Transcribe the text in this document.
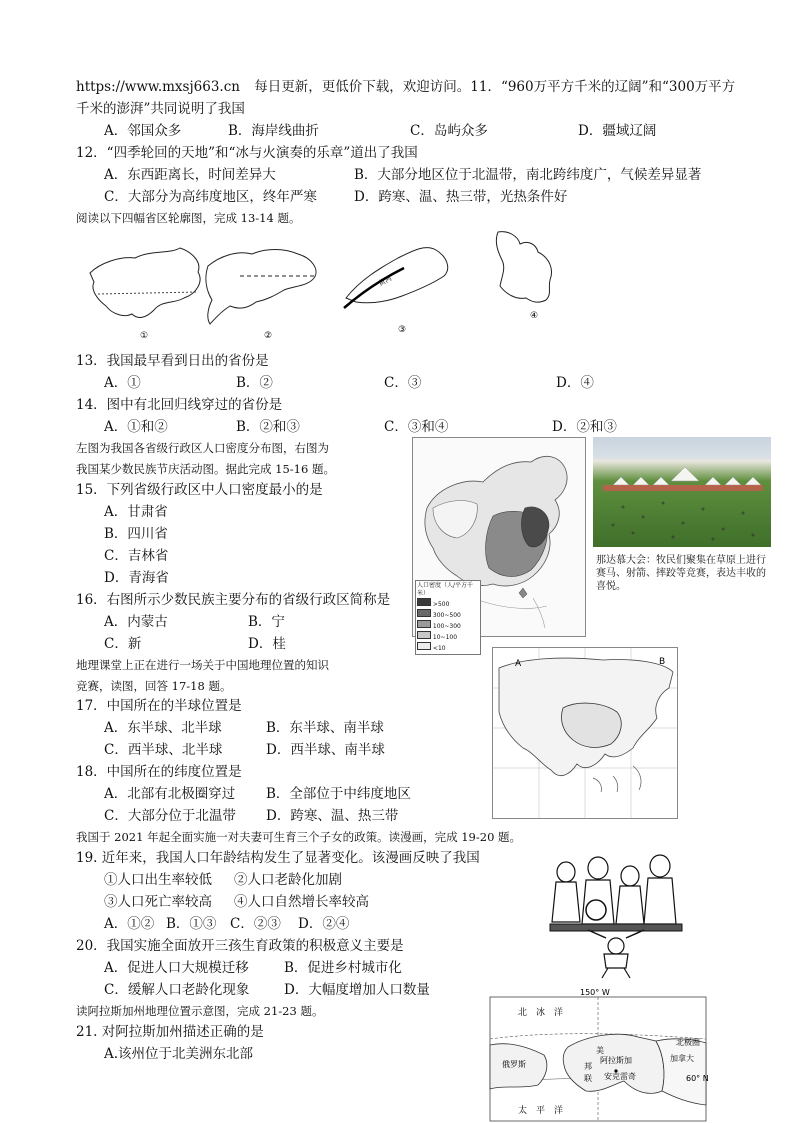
https://www.mxsj663.cn 每日更新，更低价下载，欢迎访问。11．“960万平方千米的辽阔”和“300万平方
千米的澎湃”共同说明了我国
A．邻国众多	B．海岸线曲折	C．岛屿众多	D．疆域辽阔
12．“四季轮回的天地”和“冰与火演奏的乐章”道出了我国
A．东西距离长，时间差异大	B．大部分地区位于北温带，南北跨纬度广，气候差异显著
C．大部分为高纬度地区，终年严寒	D．跨寒、温、热三带，光热条件好
阅读以下四幅省区轮廓图，完成 13-14 题。
黄河
①	②
③
④
13．我国最早看到日出的省份是
A．①	B．②	C．③	D．④
14．图中有北回归线穿过的省份是
A．①和②	B．②和③	C．③和④	D．②和③
左图为我国各省级行政区人口密度分布图，右图为
我国某少数民族节庆活动图。据此完成 15-16 题。
人口密度（人/平方千米）
>500
300~500
100~300
10~100
<10
那达慕大会：牧民们聚集在草原上进行赛马、射箭、摔跤等竞赛，表达丰收的喜悦。
15．下列省级行政区中人口密度最小的是
A．甘肃省
B．四川省
C．吉林省
D．青海省
16．右图所示少数民族主要分布的省级行政区简称是
A．内蒙古	B．宁
C．新	D．桂
地理课堂上正在进行一场关于中国地理位置的知识
竞赛，读图，回答 17-18 题。
A	B
17．中国所在的半球位置是
A．东半球、北半球	B．东半球、南半球
C．西半球、北半球	D．西半球、南半球
18．中国所在的纬度位置是
A．北部有北极圈穿过 B．全部位于中纬度地区
C．大部分位于北温带 D．跨寒、温、热三带
我国于 2021 年起全面实施一对夫妻可生育三个子女的政策。读漫画，完成 19-20 题。
19. 近年来，我国人口年龄结构发生了显著变化。该漫画反映了我国
①人口出生率较低 ②人口老龄化加剧
③人口死亡率较高 ④人口自然增长率较高
A．①② B．①③ C．②③ D．②④
20．我国实施全面放开三孩生育政策的积极意义主要是
A．促进人口大规模迁移	B．促进乡村城市化
C．缓解人口老龄化现象	D．大幅度增加人口数量
读阿拉斯加州地理位置示意图，完成 21-23 题。
150° W
北　冰　洋
北极圈
60° N
俄罗斯
美
阿拉斯加	加拿大
邦
联 安克雷奇
太　平　洋
21. 对阿拉斯加州描述正确的是
A.该州位于北美洲东北部
